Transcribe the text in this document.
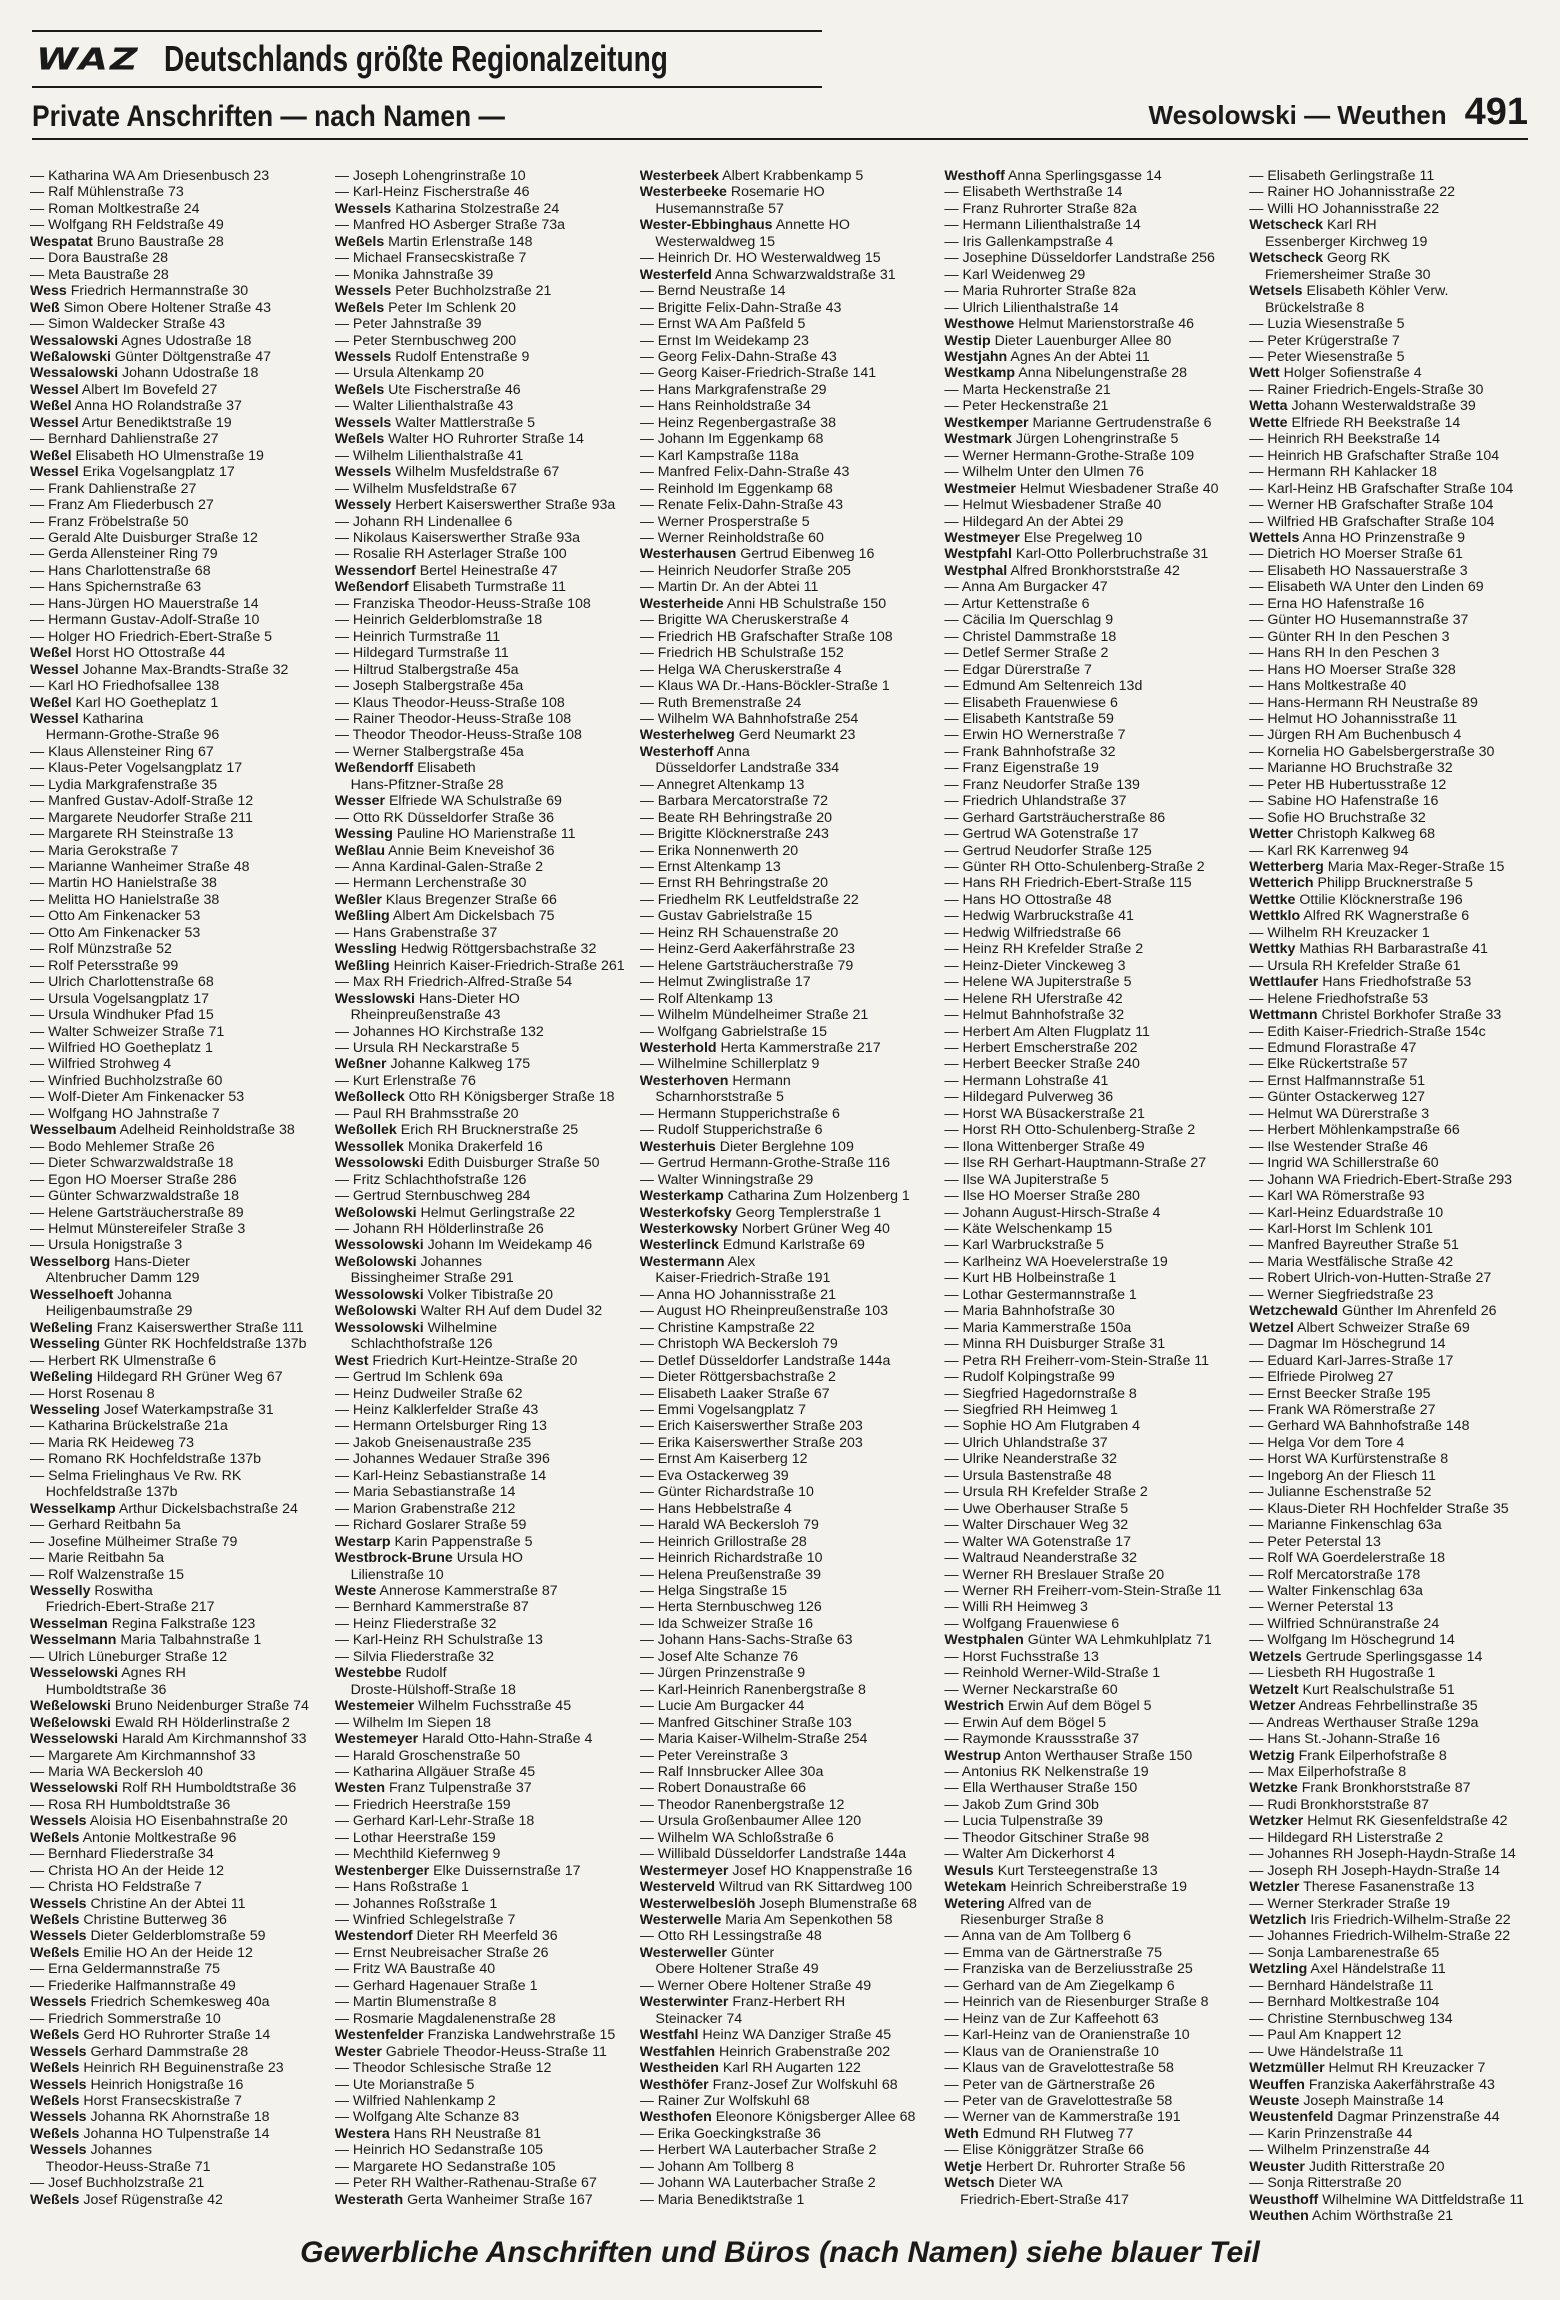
WAZ Deutschlands größte Regionalzeitung
Private Anschriften — nach Namen —	Wesolowski — Weuthen 491
— Katharina WA Am Driesenbusch 23
— Ralf Mühlenstraße 73
— Roman Moltkestraße 24
— Wolfgang RH Feldstraße 49
Wespatat Bruno Baustraße 28
— Dora Baustraße 28
— Meta Baustraße 28
Wess Friedrich Hermannstraße 30
Weß Simon Obere Holtener Straße 43
— Simon Waldecker Straße 43
Wessalowski Agnes Udostraße 18
Weßalowski Günter Döltgenstraße 47
Wessalowski Johann Udostraße 18
Wessel Albert Im Bovefeld 27
Weßel Anna HO Rolandstraße 37
Wessel Artur Benediktstraße 19
— Bernhard Dahlienstraße 27
Weßel Elisabeth HO Ulmenstraße 19
Wessel Erika Vogelsangplatz 17
— Frank Dahlienstraße 27
— Franz Am Fliederbusch 27
— Franz Fröbelstraße 50
— Gerald Alte Duisburger Straße 12
— Gerda Allensteiner Ring 79
— Hans Charlottenstraße 68
— Hans Spichernstraße 63
— Hans-Jürgen HO Mauerstraße 14
— Hermann Gustav-Adolf-Straße 10
— Holger HO Friedrich-Ebert-Straße 5
Weßel Horst HO Ottostraße 44
Wessel Johanne Max-Brandts-Straße 32
— Karl HO Friedhofsallee 138
Weßel Karl HO Goetheplatz 1
Wessel Katharina
Hermann-Grothe-Straße 96
— Klaus Allensteiner Ring 67
— Klaus-Peter Vogelsangplatz 17
— Lydia Markgrafenstraße 35
— Manfred Gustav-Adolf-Straße 12
— Margarete Neudorfer Straße 211
— Margarete RH Steinstraße 13
— Maria Gerokstraße 7
— Marianne Wanheimer Straße 48
— Martin HO Hanielstraße 38
— Melitta HO Hanielstraße 38
— Otto Am Finkenacker 53
— Otto Am Finkenacker 53
— Rolf Münzstraße 52
— Rolf Petersstraße 99
— Ulrich Charlottenstraße 68
— Ursula Vogelsangplatz 17
— Ursula Windhuker Pfad 15
— Walter Schweizer Straße 71
— Wilfried HO Goetheplatz 1
— Wilfried Strohweg 4
— Winfried Buchholzstraße 60
— Wolf-Dieter Am Finkenacker 53
— Wolfgang HO Jahnstraße 7
Wesselbaum Adelheid Reinholdstraße 38
— Bodo Mehlemer Straße 26
— Dieter Schwarzwaldstraße 18
— Egon HO Moerser Straße 286
— Günter Schwarzwaldstraße 18
— Helene Gartsträucherstraße 89
— Helmut Münstereifeler Straße 3
— Ursula Honigstraße 3
Wesselborg Hans-Dieter
Altenbrucher Damm 129
Wesselhoeft Johanna
Heiligenbaumstraße 29
Weßeling Franz Kaiserswerther Straße 111
Wesseling Günter RK Hochfeldstraße 137b
— Herbert RK Ulmenstraße 6
Weßeling Hildegard RH Grüner Weg 67
— Horst Rosenau 8
Wesseling Josef Waterkampstraße 31
— Katharina Brückelstraße 21a
— Maria RK Heideweg 73
— Romano RK Hochfeldstraße 137b
— Selma Frielinghaus Ve Rw. RK
Hochfeldstraße 137b
Wesselkamp Arthur Dickelsbachstraße 24
— Gerhard Reitbahn 5a
— Josefine Mülheimer Straße 79
— Marie Reitbahn 5a
— Rolf Walzenstraße 15
Wesselly Roswitha
Friedrich-Ebert-Straße 217
Wesselman Regina Falkstraße 123
Wesselmann Maria Talbahnstraße 1
— Ulrich Lüneburger Straße 12
Wesselowski Agnes RH
Humboldtstraße 36
Weßelowski Bruno Neidenburger Straße 74
Weßelowski Ewald RH Hölderlinstraße 2
Wesselowski Harald Am Kirchmannshof 33
— Margarete Am Kirchmannshof 33
— Maria WA Beckersloh 40
Wesselowski Rolf RH Humboldtstraße 36
— Rosa RH Humboldtstraße 36
Wessels Aloisia HO Eisenbahnstraße 20
Weßels Antonie Moltkestraße 96
— Bernhard Fliederstraße 34
— Christa HO An der Heide 12
— Christa HO Feldstraße 7
Wessels Christine An der Abtei 11
Weßels Christine Butterweg 36
Wessels Dieter Gelderblomstraße 59
Weßels Emilie HO An der Heide 12
— Erna Geldermannstraße 75
— Friederike Halfmannstraße 49
Wessels Friedrich Schemkesweg 40a
— Friedrich Sommerstraße 10
Weßels Gerd HO Ruhrorter Straße 14
Wessels Gerhard Dammstraße 28
Weßels Heinrich RH Beguinenstraße 23
Wessels Heinrich Honigstraße 16
Weßels Horst Fransecskistraße 7
Wessels Johanna RK Ahornstraße 18
Weßels Johanna HO Tulpenstraße 14
Wessels Johannes
Theodor-Heuss-Straße 71
— Josef Buchholzstraße 21
Weßels Josef Rügenstraße 42
— Joseph Lohengrinstraße 10
— Karl-Heinz Fischerstraße 46
Wessels Katharina Stolzestraße 24
— Manfred HO Asberger Straße 73a
Weßels Martin Erlenstraße 148
— Michael Fransecskistraße 7
— Monika Jahnstraße 39
Wessels Peter Buchholzstraße 21
Weßels Peter Im Schlenk 20
— Peter Jahnstraße 39
— Peter Sternbuschweg 200
Wessels Rudolf Entenstraße 9
— Ursula Altenkamp 20
Weßels Ute Fischerstraße 46
— Walter Lilienthalstraße 43
Wessels Walter Mattlerstraße 5
Weßels Walter HO Ruhrorter Straße 14
— Wilhelm Lilienthalstraße 41
Wessels Wilhelm Musfeldstraße 67
— Wilhelm Musfeldstraße 67
Wessely Herbert Kaiserswerther Straße 93a
— Johann RH Lindenallee 6
— Nikolaus Kaiserswerther Straße 93a
— Rosalie RH Asterlager Straße 100
Wessendorf Bertel Heinestraße 47
Weßendorf Elisabeth Turmstraße 11
— Franziska Theodor-Heuss-Straße 108
— Heinrich Gelderblomstraße 18
— Heinrich Turmstraße 11
— Hildegard Turmstraße 11
— Hiltrud Stalbergstraße 45a
— Joseph Stalbergstraße 45a
— Klaus Theodor-Heuss-Straße 108
— Rainer Theodor-Heuss-Straße 108
— Theodor Theodor-Heuss-Straße 108
— Werner Stalbergstraße 45a
Weßendorff Elisabeth
Hans-Pfitzner-Straße 28
Wesser Elfriede WA Schulstraße 69
— Otto RK Düsseldorfer Straße 36
Wessing Pauline HO Marienstraße 11
Weßlau Annie Beim Kneveishof 36
— Anna Kardinal-Galen-Straße 2
— Hermann Lerchenstraße 30
Weßler Klaus Bregenzer Straße 66
Weßling Albert Am Dickelsbach 75
— Hans Grabenstraße 37
Wessling Hedwig Röttgersbachstraße 32
Weßling Heinrich Kaiser-Friedrich-Straße 261
— Max RH Friedrich-Alfred-Straße 54
Wesslowski Hans-Dieter HO
Rheinpreußenstraße 43
— Johannes HO Kirchstraße 132
— Ursula RH Neckarstraße 5
Weßner Johanne Kalkweg 175
— Kurt Erlenstraße 76
Weßolleck Otto RH Königsberger Straße 18
— Paul RH Brahmsstraße 20
Weßollek Erich RH Brucknerstraße 25
Wessollek Monika Drakerfeld 16
Wessolowski Edith Duisburger Straße 50
— Fritz Schlachthofstraße 126
— Gertrud Sternbuschweg 284
Weßolowski Helmut Gerlingstraße 22
— Johann RH Hölderlinstraße 26
Wessolowski Johann Im Weidekamp 46
Weßolowski Johannes
Bissingheimer Straße 291
Wessolowski Volker Tibistraße 20
Weßolowski Walter RH Auf dem Dudel 32
Wessolowski Wilhelmine
Schlachthofstraße 126
West Friedrich Kurt-Heintze-Straße 20
— Gertrud Im Schlenk 69a
— Heinz Dudweiler Straße 62
— Heinz Kalklerfelder Straße 43
— Hermann Ortelsburger Ring 13
— Jakob Gneisenaustraße 235
— Johannes Wedauer Straße 396
— Karl-Heinz Sebastianstraße 14
— Maria Sebastianstraße 14
— Marion Grabenstraße 212
— Richard Goslarer Straße 59
Westarp Karin Pappenstraße 5
Westbrock-Brune Ursula HO
Lilienstraße 10
Weste Annerose Kammerstraße 87
— Bernhard Kammerstraße 87
— Heinz Fliederstraße 32
— Karl-Heinz RH Schulstraße 13
— Silvia Fliederstraße 32
Westebbe Rudolf
Droste-Hülshoff-Straße 18
Westemeier Wilhelm Fuchsstraße 45
— Wilhelm Im Siepen 18
Westemeyer Harald Otto-Hahn-Straße 4
— Harald Groschenstraße 50
— Katharina Allgäuer Straße 45
Westen Franz Tulpenstraße 37
— Friedrich Heerstraße 159
— Gerhard Karl-Lehr-Straße 18
— Lothar Heerstraße 159
— Mechthild Kiefernweg 9
Westenberger Elke Duissernstraße 17
— Hans Roßstraße 1
— Johannes Roßstraße 1
— Winfried Schlegelstraße 7
Westendorf Dieter RH Meerfeld 36
— Ernst Neubreisacher Straße 26
— Fritz WA Baustraße 40
— Gerhard Hagenauer Straße 1
— Martin Blumenstraße 8
— Rosmarie Magdalenenstraße 28
Westenfelder Franziska Landwehrstraße 15
Wester Gabriele Theodor-Heuss-Straße 11
— Theodor Schlesische Straße 12
— Ute Morianstraße 5
— Wilfried Nahlenkamp 2
— Wolfgang Alte Schanze 83
Westera Hans RH Neustraße 81
— Heinrich HO Sedanstraße 105
— Margarete HO Sedanstraße 105
— Peter RH Walther-Rathenau-Straße 67
Westerath Gerta Wanheimer Straße 167
Westerbeek Albert Krabbenkamp 5
Westerbeeke Rosemarie HO
Husemannstraße 57
Wester-Ebbinghaus Annette HO
Westerwaldweg 15
— Heinrich Dr. HO Westerwaldweg 15
Westerfeld Anna Schwarzwaldstraße 31
— Bernd Neustraße 14
— Brigitte Felix-Dahn-Straße 43
— Ernst WA Am Paßfeld 5
— Ernst Im Weidekamp 23
— Georg Felix-Dahn-Straße 43
— Georg Kaiser-Friedrich-Straße 141
— Hans Markgrafenstraße 29
— Hans Reinholdstraße 34
— Heinz Regenbergastraße 38
— Johann Im Eggenkamp 68
— Karl Kampstraße 118a
— Manfred Felix-Dahn-Straße 43
— Reinhold Im Eggenkamp 68
— Renate Felix-Dahn-Straße 43
— Werner Prosperstraße 5
— Werner Reinholdstraße 60
Westerhausen Gertrud Eibenweg 16
— Heinrich Neudorfer Straße 205
— Martin Dr. An der Abtei 11
Westerheide Anni HB Schulstraße 150
— Brigitte WA Cheruskerstraße 4
— Friedrich HB Grafschafter Straße 108
— Friedrich HB Schulstraße 152
— Helga WA Cheruskerstraße 4
— Klaus WA Dr.-Hans-Böckler-Straße 1
— Ruth Bremenstraße 24
— Wilhelm WA Bahnhofstraße 254
Westerhelweg Gerd Neumarkt 23
Westerhoff Anna
Düsseldorfer Landstraße 334
— Annegret Altenkamp 13
— Barbara Mercatorstraße 72
— Beate RH Behringstraße 20
— Brigitte Klöcknerstraße 243
— Erika Nonnenwerth 20
— Ernst Altenkamp 13
— Ernst RH Behringstraße 20
— Friedhelm RK Leutfeldstraße 22
— Gustav Gabrielstraße 15
— Heinz RH Schauenstraße 20
— Heinz-Gerd Aakerfährstraße 23
— Helene Gartsträucherstraße 79
— Helmut Zwinglistraße 17
— Rolf Altenkamp 13
— Wilhelm Mündelheimer Straße 21
— Wolfgang Gabrielstraße 15
Westerhold Herta Kammerstraße 217
— Wilhelmine Schillerplatz 9
Westerhoven Hermann
Scharnhorststraße 5
— Hermann Stupperichstraße 6
— Rudolf Stupperichstraße 6
Westerhuis Dieter Berglehne 109
— Gertrud Hermann-Grothe-Straße 116
— Walter Winningstraße 29
Westerkamp Catharina Zum Holzenberg 1
Westerkofsky Georg Templerstraße 1
Westerkowsky Norbert Grüner Weg 40
Westerlinck Edmund Karlstraße 69
Westermann Alex
Kaiser-Friedrich-Straße 191
— Anna HO Johannisstraße 21
— August HO Rheinpreußenstraße 103
— Christine Kampstraße 22
— Christoph WA Beckersloh 79
— Detlef Düsseldorfer Landstraße 144a
— Dieter Röttgersbachstraße 2
— Elisabeth Laaker Straße 67
— Emmi Vogelsangplatz 7
— Erich Kaiserswerther Straße 203
— Erika Kaiserswerther Straße 203
— Ernst Am Kaiserberg 12
— Eva Ostackerweg 39
— Günter Richardstraße 10
— Hans Hebbelstraße 4
— Harald WA Beckersloh 79
— Heinrich Grillostraße 28
— Heinrich Richardstraße 10
— Helena Preußenstraße 39
— Helga Singstraße 15
— Herta Sternbuschweg 126
— Ida Schweizer Straße 16
— Johann Hans-Sachs-Straße 63
— Josef Alte Schanze 76
— Jürgen Prinzenstraße 9
— Karl-Heinrich Ranenbergstraße 8
— Lucie Am Burgacker 44
— Manfred Gitschiner Straße 103
— Maria Kaiser-Wilhelm-Straße 254
— Peter Vereinstraße 3
— Ralf Innsbrucker Allee 30a
— Robert Donaustraße 66
— Theodor Ranenbergstraße 12
— Ursula Großenbaumer Allee 120
— Wilhelm WA Schloßstraße 6
— Willibald Düsseldorfer Landstraße 144a
Westermeyer Josef HO Knappenstraße 16
Westerveld Wiltrud van RK Sittardweg 100
Westerwelbeslöh Joseph Blumenstraße 68
Westerwelle Maria Am Sepenkothen 58
— Otto RH Lessingstraße 48
Westerweller Günter
Obere Holtener Straße 49
— Werner Obere Holtener Straße 49
Westerwinter Franz-Herbert RH
Steinacker 74
Westfahl Heinz WA Danziger Straße 45
Westfahlen Heinrich Grabenstraße 202
Westheiden Karl RH Augarten 122
Westhöfer Franz-Josef Zur Wolfskuhl 68
— Rainer Zur Wolfskuhl 68
Westhofen Eleonore Königsberger Allee 68
— Erika Goeckingkstraße 36
— Herbert WA Lauterbacher Straße 2
— Johann Am Tollberg 8
— Johann WA Lauterbacher Straße 2
— Maria Benediktstraße 1
Westhoff Anna Sperlingsgasse 14
— Elisabeth Werthstraße 14
— Franz Ruhrorter Straße 82a
— Hermann Lilienthalstraße 14
— Iris Gallenkampstraße 4
— Josephine Düsseldorfer Landstraße 256
— Karl Weidenweg 29
— Maria Ruhrorter Straße 82a
— Ulrich Lilienthalstraße 14
Westhowe Helmut Marienstorstraße 46
Westip Dieter Lauenburger Allee 80
Westjahn Agnes An der Abtei 11
Westkamp Anna Nibelungenstraße 28
— Marta Heckenstraße 21
— Peter Heckenstraße 21
Westkemper Marianne Gertrudenstraße 6
Westmark Jürgen Lohengrinstraße 5
— Werner Hermann-Grothe-Straße 109
— Wilhelm Unter den Ulmen 76
Westmeier Helmut Wiesbadener Straße 40
— Helmut Wiesbadener Straße 40
— Hildegard An der Abtei 29
Westmeyer Else Pregelweg 10
Westpfahl Karl-Otto Pollerbruchstraße 31
Westphal Alfred Bronkhorststraße 42
— Anna Am Burgacker 47
— Artur Kettenstraße 6
— Cäcilia Im Querschlag 9
— Christel Dammstraße 18
— Detlef Sermer Straße 2
— Edgar Dürerstraße 7
— Edmund Am Seltenreich 13d
— Elisabeth Frauenwiese 6
— Elisabeth Kantstraße 59
— Erwin HO Wernerstraße 7
— Frank Bahnhofstraße 32
— Franz Eigenstraße 19
— Franz Neudorfer Straße 139
— Friedrich Uhlandstraße 37
— Gerhard Gartsträucherstraße 86
— Gertrud WA Gotenstraße 17
— Gertrud Neudorfer Straße 125
— Günter RH Otto-Schulenberg-Straße 2
— Hans RH Friedrich-Ebert-Straße 115
— Hans HO Ottostraße 48
— Hedwig Warbruckstraße 41
— Hedwig Wilfriedstraße 66
— Heinz RH Krefelder Straße 2
— Heinz-Dieter Vinckeweg 3
— Helene WA Jupiterstraße 5
— Helene RH Uferstraße 42
— Helmut Bahnhofstraße 32
— Herbert Am Alten Flugplatz 11
— Herbert Emscherstraße 202
— Herbert Beecker Straße 240
— Hermann Lohstraße 41
— Hildegard Pulverweg 36
— Horst WA Büsackerstraße 21
— Horst RH Otto-Schulenberg-Straße 2
— Ilona Wittenberger Straße 49
— Ilse RH Gerhart-Hauptmann-Straße 27
— Ilse WA Jupiterstraße 5
— Ilse HO Moerser Straße 280
— Johann August-Hirsch-Straße 4
— Käte Welschenkamp 15
— Karl Warbruckstraße 5
— Karlheinz WA Hoevelerstraße 19
— Kurt HB Holbeinstraße 1
— Lothar Gestermannstraße 1
— Maria Bahnhofstraße 30
— Maria Kammerstraße 150a
— Minna RH Duisburger Straße 31
— Petra RH Freiherr-vom-Stein-Straße 11
— Rudolf Kolpingstraße 99
— Siegfried Hagedornstraße 8
— Siegfried RH Heimweg 1
— Sophie HO Am Flutgraben 4
— Ulrich Uhlandstraße 37
— Ulrike Neanderstraße 32
— Ursula Bastenstraße 48
— Ursula RH Krefelder Straße 2
— Uwe Oberhauser Straße 5
— Walter Dirschauer Weg 32
— Walter WA Gotenstraße 17
— Waltraud Neanderstraße 32
— Werner RH Breslauer Straße 20
— Werner RH Freiherr-vom-Stein-Straße 11
— Willi RH Heimweg 3
— Wolfgang Frauenwiese 6
Westphalen Günter WA Lehmkuhlplatz 71
— Horst Fuchsstraße 13
— Reinhold Werner-Wild-Straße 1
— Werner Neckarstraße 60
Westrich Erwin Auf dem Bögel 5
— Erwin Auf dem Bögel 5
— Raymonde Kraussstraße 37
Westrup Anton Werthauser Straße 150
— Antonius RK Nelkenstraße 19
— Ella Werthauser Straße 150
— Jakob Zum Grind 30b
— Lucia Tulpenstraße 39
— Theodor Gitschiner Straße 98
— Walter Am Dickerhorst 4
Wesuls Kurt Tersteegenstraße 13
Wetekam Heinrich Schreiberstraße 19
Wetering Alfred van de
Riesenburger Straße 8
— Anna van de Am Tollberg 6
— Emma van de Gärtnerstraße 75
— Franziska van de Berzeliusstraße 25
— Gerhard van de Am Ziegelkamp 6
— Heinrich van de Riesenburger Straße 8
— Heinz van de Zur Kaffeehott 63
— Karl-Heinz van de Oranienstraße 10
— Klaus van de Oranienstraße 10
— Klaus van de Gravelottestraße 58
— Peter van de Gärtnerstraße 26
— Peter van de Gravelottestraße 58
— Werner van de Kammerstraße 191
Weth Edmund RH Flutweg 77
— Elise Königgrätzer Straße 66
Wetje Herbert Dr. Ruhrorter Straße 56
Wetsch Dieter WA
Friedrich-Ebert-Straße 417
— Elisabeth Gerlingstraße 11
— Rainer HO Johannisstraße 22
— Willi HO Johannisstraße 22
Wetscheck Karl RH
Essenberger Kirchweg 19
Wetscheck Georg RK
Friemersheimer Straße 30
Wetsels Elisabeth Köhler Verw.
Brückelstraße 8
— Luzia Wiesenstraße 5
— Peter Krügerstraße 7
— Peter Wiesenstraße 5
Wett Holger Sofienstraße 4
— Rainer Friedrich-Engels-Straße 30
Wetta Johann Westerwaldstraße 39
Wette Elfriede RH Beekstraße 14
— Heinrich RH Beekstraße 14
— Heinrich HB Grafschafter Straße 104
— Hermann RH Kahlacker 18
— Karl-Heinz HB Grafschafter Straße 104
— Werner HB Grafschafter Straße 104
— Wilfried HB Grafschafter Straße 104
Wettels Anna HO Prinzenstraße 9
— Dietrich HO Moerser Straße 61
— Elisabeth HO Nassauerstraße 3
— Elisabeth WA Unter den Linden 69
— Erna HO Hafenstraße 16
— Günter HO Husemannstraße 37
— Günter RH In den Peschen 3
— Hans RH In den Peschen 3
— Hans HO Moerser Straße 328
— Hans Moltkestraße 40
— Hans-Hermann RH Neustraße 89
— Helmut HO Johannisstraße 11
— Jürgen RH Am Buchenbusch 4
— Kornelia HO Gabelsbergerstraße 30
— Marianne HO Bruchstraße 32
— Peter HB Hubertusstraße 12
— Sabine HO Hafenstraße 16
— Sofie HO Bruchstraße 32
Wetter Christoph Kalkweg 68
— Karl RK Karrenweg 94
Wetterberg Maria Max-Reger-Straße 15
Wetterich Philipp Brucknerstraße 5
Wettke Ottilie Klöcknerstraße 196
Wettklo Alfred RK Wagnerstraße 6
— Wilhelm RH Kreuzacker 1
Wettky Mathias RH Barbarastraße 41
— Ursula RH Krefelder Straße 61
Wettlaufer Hans Friedhofstraße 53
— Helene Friedhofstraße 53
Wettmann Christel Borkhofer Straße 33
— Edith Kaiser-Friedrich-Straße 154c
— Edmund Florastraße 47
— Elke Rückertstraße 57
— Ernst Halfmannstraße 51
— Günter Ostackerweg 127
— Helmut WA Dürerstraße 3
— Herbert Möhlenkampstraße 66
— Ilse Westender Straße 46
— Ingrid WA Schillerstraße 60
— Johann WA Friedrich-Ebert-Straße 293
— Karl WA Römerstraße 93
— Karl-Heinz Eduardstraße 10
— Karl-Horst Im Schlenk 101
— Manfred Bayreuther Straße 51
— Maria Westfälische Straße 42
— Robert Ulrich-von-Hutten-Straße 27
— Werner Siegfriedstraße 23
Wetzchewald Günther Im Ahrenfeld 26
Wetzel Albert Schweizer Straße 69
— Dagmar Im Höschegrund 14
— Eduard Karl-Jarres-Straße 17
— Elfriede Pirolweg 27
— Ernst Beecker Straße 195
— Frank WA Römerstraße 27
— Gerhard WA Bahnhofstraße 148
— Helga Vor dem Tore 4
— Horst WA Kurfürstenstraße 8
— Ingeborg An der Fliesch 11
— Julianne Eschenstraße 52
— Klaus-Dieter RH Hochfelder Straße 35
— Marianne Finkenschlag 63a
— Peter Peterstal 13
— Rolf WA Goerdelerstraße 18
— Rolf Mercatorstraße 178
— Walter Finkenschlag 63a
— Werner Peterstal 13
— Wilfried Schnüranstraße 24
— Wolfgang Im Höschegrund 14
Wetzels Gertrude Sperlingsgasse 14
— Liesbeth RH Hugostraße 1
Wetzelt Kurt Realschulstraße 51
Wetzer Andreas Fehrbellinstraße 35
— Andreas Werthauser Straße 129a
— Hans St.-Johann-Straße 16
Wetzig Frank Eilperhofstraße 8
— Max Eilperhofstraße 8
Wetzke Frank Bronkhorststraße 87
— Rudi Bronkhorststraße 87
Wetzker Helmut RK Giesenfeldstraße 42
— Hildegard RH Listerstraße 2
— Johannes RH Joseph-Haydn-Straße 14
— Joseph RH Joseph-Haydn-Straße 14
Wetzler Therese Fasanenstraße 13
— Werner Sterkrader Straße 19
Wetzlich Iris Friedrich-Wilhelm-Straße 22
— Johannes Friedrich-Wilhelm-Straße 22
— Sonja Lambarenestraße 65
Wetzling Axel Händelstraße 11
— Bernhard Händelstraße 11
— Bernhard Moltkestraße 104
— Christine Sternbuschweg 134
— Paul Am Knappert 12
— Uwe Händelstraße 11
Wetzmüller Helmut RH Kreuzacker 7
Weuffen Franziska Aakerfährstraße 43
Weuste Joseph Mainstraße 14
Weustenfeld Dagmar Prinzenstraße 44
— Karin Prinzenstraße 44
— Wilhelm Prinzenstraße 44
Weuster Judith Ritterstraße 20
— Sonja Ritterstraße 20
Weusthoff Wilhelmine WA Dittfeldstraße 11
Weuthen Achim Wörthstraße 21
Gewerbliche Anschriften und Büros (nach Namen) siehe blauer Teil
